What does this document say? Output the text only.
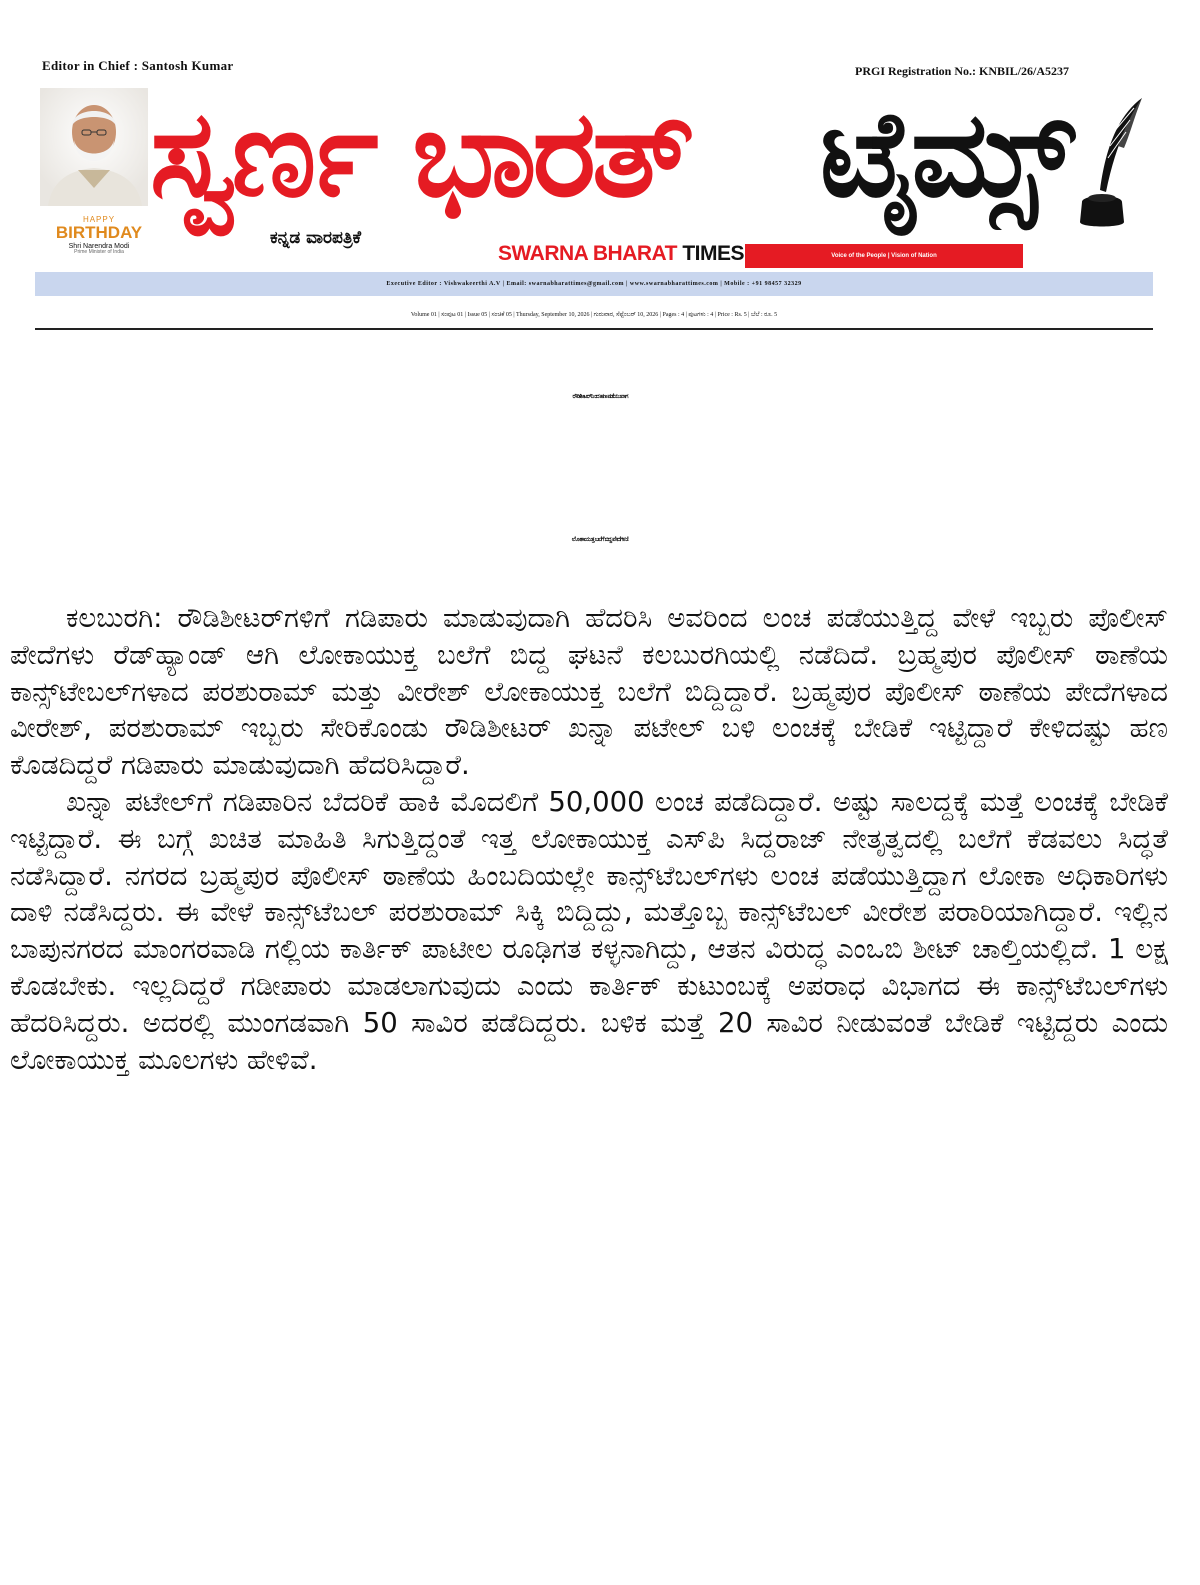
Editor in Chief : Santosh Kumar	PRGI Registration No.: KNBIL/26/A5237
HAPPY
BIRTHDAY
Shri Narendra Modi
Prime Minister of India
ಸ್ವರ್ಣ ಭಾರತ್ ಟೈಮ್ಸ್
ಕನ್ನಡ ವಾರಪತ್ರಿಕೆ
SWARNA BHARAT TIMES	Voice of the People | Vision of Nation
Executive Editor : Vishwakeerthi A.V | Email: swarnabharattimes@gmail.com | www.swarnabharattimes.com | Mobile : +91 98457 32329
Volume 01 | ಸಂಪುಟ 01 | Issue 05 | ಸಂಚಿಕೆ 05 | Thursday, September 10, 2026 | ಗುರುವಾರ, ಸೆಪ್ಟೆಂಬರ್ 10, 2026 | Pages : 4 | ಪುಟಗಳು : 4 | Price : Rs. 5 | ಬೆಲೆ : ರೂ. 5
ರೌಡಿಶೀಟರ್‌ನಿಂದ ಹಣ ಪಡೆಯುವಾಗ
ಲೋಕಾಯುಕ್ತ ಬಲೆಗೆ ಬಿದ್ದ ಪೇದೆಗಳು!

ಕಲಬುರಗಿ: ರೌಡಿಶೀಟರ್‌ಗಳಿಗೆ ಗಡಿಪಾರು ಮಾಡುವುದಾಗಿ ಹೆದರಿಸಿ ಅವರಿಂದ ಲಂಚ ಪಡೆಯುತ್ತಿದ್ದ ವೇಳೆ ಇಬ್ಬರು ಪೊಲೀಸ್ ಪೇದೆಗಳು ರೆಡ್‌ಹ್ಯಾಂಡ್ ಆಗಿ ಲೋಕಾಯುಕ್ತ ಬಲೆಗೆ ಬಿದ್ದ ಘಟನೆ ಕಲಬುರಗಿಯಲ್ಲಿ ನಡೆದಿದೆ. ಬ್ರಹ್ಮಪುರ ಪೊಲೀಸ್ ಠಾಣೆಯ ಕಾನ್ಸ್‌ಟೇಬಲ್‌ಗಳಾದ ಪರಶುರಾಮ್ ಮತ್ತು ವೀರೇಶ್ ಲೋಕಾಯುಕ್ತ ಬಲೆಗೆ ಬಿದ್ದಿದ್ದಾರೆ. ಬ್ರಹ್ಮಪುರ ಪೊಲೀಸ್ ಠಾಣೆಯ ಪೇದೆಗಳಾದ ವೀರೇಶ್, ಪರಶುರಾಮ್ ಇಬ್ಬರು ಸೇರಿಕೊಂಡು ರೌಡಿಶೀಟರ್ ಖನ್ನಾ ಪಟೇಲ್ ಬಳಿ ಲಂಚಕ್ಕೆ ಬೇಡಿಕೆ ಇಟ್ಟಿದ್ದಾರೆ ಕೇಳಿದಷ್ಟು ಹಣ ಕೊಡದಿದ್ದರೆ ಗಡಿಪಾರು ಮಾಡುವುದಾಗಿ ಹೆದರಿಸಿದ್ದಾರೆ.

ಖನ್ನಾ ಪಟೇಲ್‌ಗೆ ಗಡಿಪಾರಿನ ಬೆದರಿಕೆ ಹಾಕಿ ಮೊದಲಿಗೆ 50,000 ಲಂಚ ಪಡೆದಿದ್ದಾರೆ. ಅಷ್ಟು ಸಾಲದ್ದಕ್ಕೆ ಮತ್ತೆ ಲಂಚಕ್ಕೆ ಬೇಡಿಕೆ ಇಟ್ಟಿದ್ದಾರೆ. ಈ ಬಗ್ಗೆ ಖಚಿತ ಮಾಹಿತಿ ಸಿಗುತ್ತಿದ್ದಂತೆ ಇತ್ತ ಲೋಕಾಯುಕ್ತ ಎಸ್‌ಪಿ ಸಿದ್ದರಾಜ್ ನೇತೃತ್ವದಲ್ಲಿ ಬಲೆಗೆ ಕೆಡವಲು ಸಿದ್ಧತೆ ನಡೆಸಿದ್ದಾರೆ. ನಗರದ ಬ್ರಹ್ಮಪುರ ಪೊಲೀಸ್ ಠಾಣೆಯ ಹಿಂಬದಿಯಲ್ಲೇ ಕಾನ್ಸ್‌ಟೆಬಲ್‌ಗಳು ಲಂಚ ಪಡೆಯುತ್ತಿದ್ದಾಗ ಲೋಕಾ ಅಧಿಕಾರಿಗಳು ದಾಳಿ ನಡೆಸಿದ್ದರು. ಈ ವೇಳೆ ಕಾನ್ಸ್‌ಟೆಬಲ್ ಪರಶುರಾಮ್ ಸಿಕ್ಕಿ ಬಿದ್ದಿದ್ದು, ಮತ್ತೊಬ್ಬ ಕಾನ್ಸ್‌ಟೆಬಲ್ ವೀರೇಶ ಪರಾರಿಯಾಗಿದ್ದಾರೆ. ಇಲ್ಲಿನ ಬಾಪುನಗರದ ಮಾಂಗರವಾಡಿ ಗಲ್ಲಿಯ ಕಾರ್ತಿಕ್ ಪಾಟೀಲ ರೂಢಿಗತ ಕಳ್ಳನಾಗಿದ್ದು, ಆತನ ವಿರುದ್ಧ ಎಂಒಬಿ ಶೀಟ್ ಚಾಲ್ತಿಯಲ್ಲಿದೆ. 1 ಲಕ್ಷ ಕೊಡಬೇಕು. ಇಲ್ಲದಿದ್ದರೆ ಗಡೀಪಾರು ಮಾಡಲಾಗುವುದು ಎಂದು ಕಾರ್ತಿಕ್ ಕುಟುಂಬಕ್ಕೆ ಅಪರಾಧ ವಿಭಾಗದ ಈ ಕಾನ್ಸ್‌ಟೆಬಲ್‌ಗಳು ಹೆದರಿಸಿದ್ದರು. ಅದರಲ್ಲಿ ಮುಂಗಡವಾಗಿ 50 ಸಾವಿರ ಪಡೆದಿದ್ದರು. ಬಳಿಕ ಮತ್ತೆ 20 ಸಾವಿರ ನೀಡುವಂತೆ ಬೇಡಿಕೆ ಇಟ್ಟಿದ್ದರು ಎಂದು ಲೋಕಾಯುಕ್ತ ಮೂಲಗಳು ಹೇಳಿವೆ.
